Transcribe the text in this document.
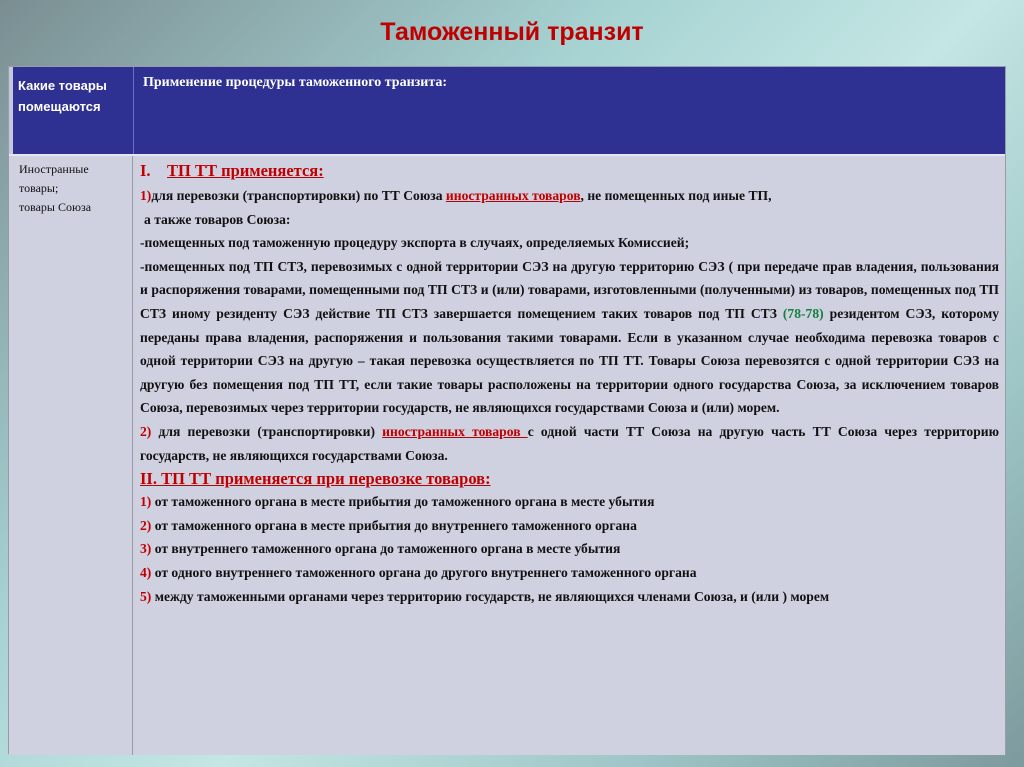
Таможенный транзит
Какие товары помещаются
Применение процедуры таможенного транзита:
Иностранные
товары;
товары Союза

I. ТП ТТ применяется:

1)для перевозки (транспортировки) по ТТ Союза иностранных товаров, не помещенных под иные ТП,

а также товаров Союза:

-помещенных под таможенную процедуру экспорта в случаях, определяемых Комиссией;

-помещенных под ТП СТЗ, перевозимых с одной территории СЭЗ на другую территорию СЭЗ ( при передаче прав владения, пользования и распоряжения товарами, помещенными под ТП СТЗ и (или) товарами, изготовленными (полученными) из товаров, помещенных под ТП СТЗ иному резиденту СЭЗ действие ТП СТЗ завершается помещением таких товаров под ТП СТЗ (78-78) резидентом СЭЗ, которому переданы права владения, распоряжения и пользования такими товарами. Если в указанном случае необходима перевозка товаров с одной территории СЭЗ на другую – такая перевозка осуществляется по ТП ТТ. Товары Союза перевозятся с одной территории СЭЗ на другую без помещения под ТП ТТ, если такие товары расположены на территории одного государства Союза, за исключением товаров Союза, перевозимых через территории государств, не являющихся государствами Союза и (или) морем.

2) для перевозки (транспортировки) иностранных товаров с одной части ТТ Союза на другую часть ТТ Союза через территорию государств, не являющихся государствами Союза.

II. ТП ТТ применяется при перевозке товаров:

1) от таможенного органа в месте прибытия до таможенного органа в месте убытия

2) от таможенного органа в месте прибытия до внутреннего таможенного органа

3) от внутреннего таможенного органа до таможенного органа в месте убытия

4) от одного внутреннего таможенного органа до другого внутреннего таможенного органа

5) между таможенными органами через территорию государств, не являющихся членами Союза, и (или ) морем
